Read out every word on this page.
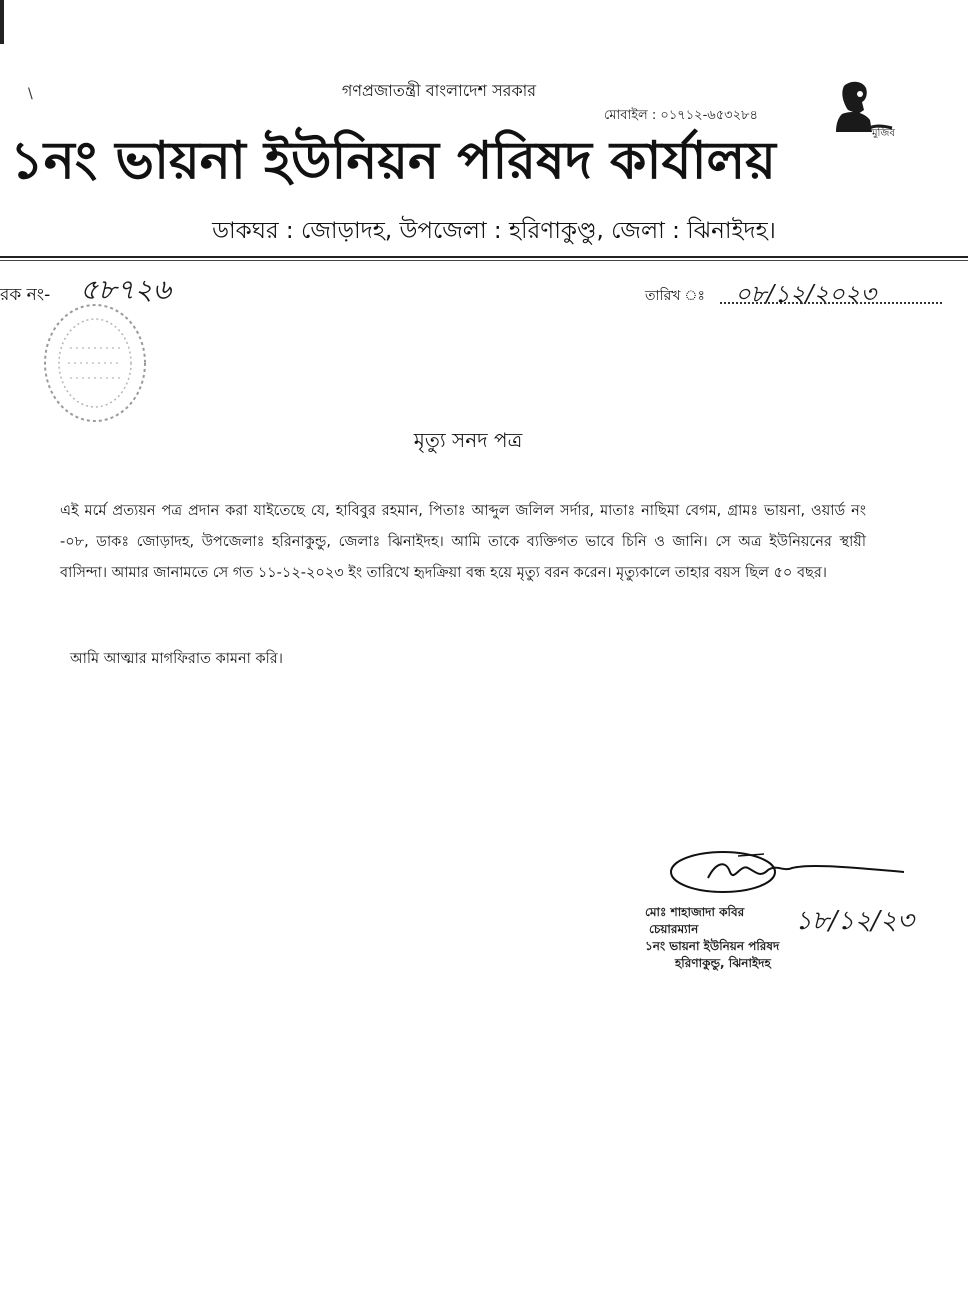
\	গণপ্রজাতন্ত্রী বাংলাদেশ সরকার
মোবাইল : ০১৭১২-৬৫৩২৮৪
মুজিব
১নং ভায়না ইউনিয়ন পরিষদ কার্যালয়
ডাকঘর : জোড়াদহ, উপজেলা : হরিণাকুণ্ডু, জেলা : ঝিনাইদহ।
রক নং- ৫৮৭২৬	তারিখ ঃ ০৮/১২/২০২৩
মৃত্যু সনদ পত্র
এই মর্মে প্রত্যয়ন পত্র প্রদান করা যাইতেছে যে, হাবিবুর রহমান, পিতাঃ আব্দুল জলিল সর্দার, মাতাঃ নাছিমা বেগম, গ্রামঃ ভায়না, ওয়ার্ড নং -০৮, ডাকঃ জোড়াদহ, উপজেলাঃ হরিনাকুন্ডু, জেলাঃ ঝিনাইদহ। আমি তাকে ব্যক্তিগত ভাবে চিনি ও জানি। সে অত্র ইউনিয়নের স্থায়ী বাসিন্দা। আমার জানামতে সে গত ১১-১২-২০২৩ ইং তারিখে হৃদক্রিয়া বন্ধ হয়ে মৃত্যু বরন করেন। মৃত্যুকালে তাহার বয়স ছিল ৫০ বছর।
আমি আত্মার মাগফিরাত কামনা করি।
মোঃ শাহাজাদা কবির
চেয়ারম্যান
১নং ভায়না ইউনিয়ন পরিষদ
হরিণাকুন্ডু, ঝিনাইদহ
১৮/১২/২৩
